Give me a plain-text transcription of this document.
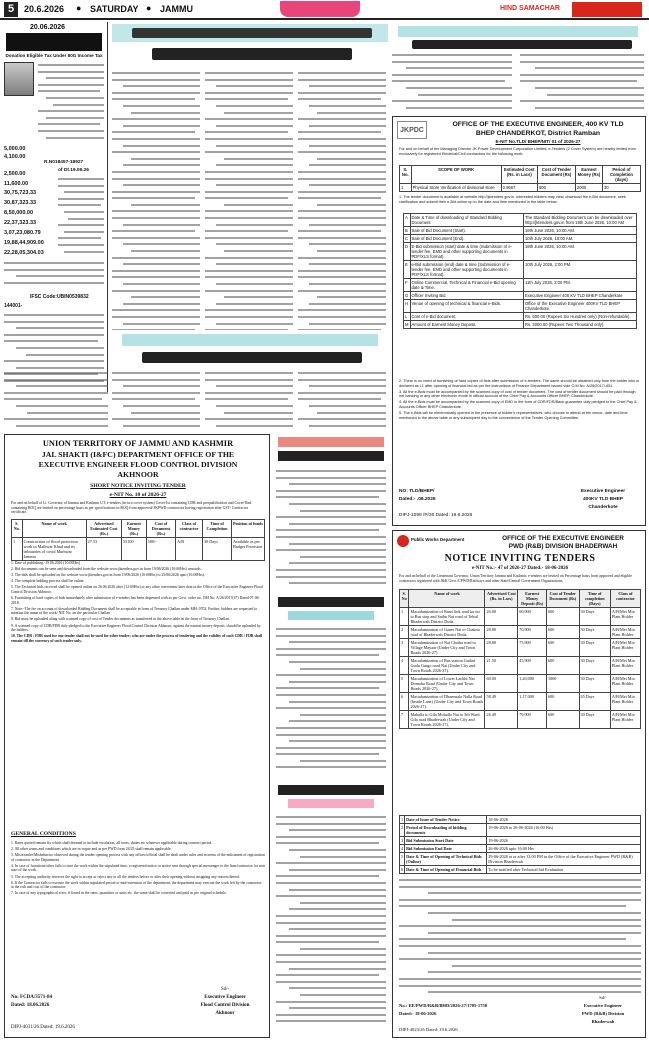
5	20.6.2026 ● SATURDAY ● JAMMU	HIND SAMACHAR
20.06.2026
Donation Eligible Tax Under 80G Income Tax
5,000.00
4,100.00
R.N018457-18927
of Dt.19.06.26
2,500.00
11,600.00
30,75,723.33
30,87,323.33
8,50,000.00
22,37,323.33
3,07,23,080.79
19,88,44,909.00
22,28,05,304.03
IFSC Code:UBIN0539832
144001-
UNION TERRITORY OF JAMMU AND KASHMIR
JAL SHAKTI (I&FC) DEPARTMENT OFFICE OF THE
EXECUTIVE ENGINEER FLOOD CONTROL DIVISION
AKHNOOR
SHORT NOTICE INVITING TENDER
e-NIT No. 10 of 2026-27
For and on behalf of Lt. Governor of Jammu and Kashmir UT, e-tenders (in two cover system) Cover-Ist containing CDR and prequalification and Cover-IInd containing BOQ are invited on percentage basis as per specifications in BOQ from approved/ JKPWD contractors having registration after GST/ Contractor certificate.
S. No.	Name of work	Advertised Estimated Cost (Rs.)	Earnest Money (Rs.)	Cost of Document (Rs.)	Class of contractor	Time of Completion	Position of funds
1	Construction of flood protection work in Mathwar Khad and its tributaries of covid Marhwar Jammu	27.53	55100	500/-	A/B	30 Days	Available as per Budget Provision
1. Date of publishing.-19.06.2026 (10:00Hrs)
2. Bid documents can be seen and downloaded from the website www.jktenders.gov.in from 19/06/2026 (10:00Hrs) onwards.
3. The bids shall be uploaded on the website www.jktenders.gov.in from 19/06/2026 (10:00Hrs) to 25/06/2026 upto (16:00Hrs).
4. The complete bidding process shall be online.
5. The Technical bids received shall be opened online on 26.06.2026 after (12:00Hrs) or any other convenient later date in the Office of the Executive Engineer Flood Control Division Akhnoor.
6. Furnishing of hard copies of bids immediately after submission of e-tenders has been dispensed with as per Govt. order no. OM No. A/26/2017(47) Dated 07-06-2018.
7. Note:-The fee on account of downloaded Bidding Document shall be acceptable in form of Treasury Challan under MH: 0702, Further, bidders are requested to mention the name of the work/ NIT No. on the particular Challan.
8. Bid must be uploaded along with scanned copy of cost of Tender documents as transferred in the above table in the form of Treasury Challan.
9. A scanned copy of CDR/FDR duly pledged to the Executive Engineer Flood Control Division Akhnoor, against the earnest money deposit, should be uploaded by the bidders.
10. The CDR / FDR used for one tender shall not be used for other tender; who are under the process of tendering and the validity of such CDR / FDR shall remain till the currency of such tender only.
GENERAL CONDITIONS
1. Rates quoted remain fix which shall deemed to include escalation, all taxes, duties etc whatever applicable during contract period.
2. All other terms and conditions which are in vogue and as per PWD form 24/25 shall remain applicable.
3. Miscreanler/Misbehavior observed during the tender opening process with any officer/official shall be dealt under rules and in terms of the enlistment of registration of contractor in the Department.
4. In case of fortuitous/other fails to start the work within the stipulated time, a registered notice or notice sent through special messenger to the firm/contractor for non start of the work.
5. The accepting authority reserves the right to accept or reject any or all the tenders before or after their opening without assigning any reason thereof.
6. If the Contractor fails to execute the work within stipulated period or mid-extension of the department, the department may execute the work left by the contractor at the risk and cost of the contractor.
7. In case of any typographical error, if found in the rates, quantities or units etc. the same shall be corrected and paid as per original schedule.
No: FCDA/3571-84
Dated: 18.06.2026
Sd/-
Executive Engineer
Flood Control Division
Akhnoor
DIPJ-4031/26 Dated: 19.6.2026
JKPDC
OFFICE OF THE EXECUTIVE ENGINEER, 400 KV TLD
BHEP CHANDERKOT, District Ramban
E-NIT No.TLD/ BHEP/NIT/ 01 of 2026-27
For and on behalf of the Managing Director JK Power Development Corporation Limited, e-Tenders (2 Cover System) are hereby invited from exclusively for registered Electrical/Civil contractors for the following work:
S. No.	SCOPE OF WORK	Estimated Cost (Rs. in Lacs)	Cost of Tender Document (Rs)	Earnest Money (Rs)	Period of Completion (days)
1	Physical Store Verification of divisional store	0.9667	600	2000	30
1. The tender document is available at website http://jktenders.gov.in. Interested bidders may view, download the e-Bid document, seek clarification and submit their e-Bid online up to the date and time mentioned in the table below:
A	Date & Time of downloading of Standard Bidding Document	The Standard Bidding Document can be downloaded over http://jktenders.gov.in from 19th June 2026, 10:00 AM
B	Sale of Bid Document (Start).	19th June 2026, 10:00 AM.
C	Sale of Bid Document (End).	10th July 2026, 10:00 AM.
D	E-Bid submission (start) date & time (Submission of e-tender fee, EMD and other supporting documents in PDF/XLS format).	19th June 2026, 10:00 AM.
E	e-Bid submission (end) date & time (Submission of e-tender fee, EMD and other supporting documents in PDF/XLS format).	10th July 2026, 2:00 PM.
F	Online Commercial, Technical & Financial e-Bid opening date & Time.	11th July 2026, 2:00 PM.
G	Officer Inviting Bid.	Executive Engineer 400 KV TLD BHEP Chanderkote
H	Venue of opening of technical & financial e-Bids.	Office of the Executive Engineer 400KV TLD BHEP Chanderkote.
L	Cost of e-Bid document.	Rs. 600.00 (Rupees Six Hundred only) (Non-refundable).
M	Amount of Earnest Money Deposit.	Rs. 2000.00 (Rupees Two Thousand only).
2. There is no need of furnishing of hard copies of bids after submission of e-tenders. The same should be obtained only from the bidder who is declared as L1 after opening of financial bid as per the instructions of Finance Department issued vide O.M No. A/26/2017/-651.
3. All the e-Bids must be accompanied by the scanned copy of cost of tender document. The cost of tender document should be paid through net banking or any other electronic mode in official account of the Chief Pay & Accounts Officer BHEP, Chanderkote.
4. All the e-Bids must be accompanied by the scanned copy of EMD in the form of CDR/FDR/Bank guarantee duly pledged to the Chief Pay & Accounts Officer BHEP Chanderkote.
5. The e-Bids will be electronically opened in the presence of bidder's representatives, who choose to attend at the venue, date and time mentioned in the above table or any subsequent day to the convenience of the Tender Opening Committee.
NO: TLD/BHEP/
Dated:- .06.2026
Executive Engineer
400KV TLD BHEP
Chanderkote
DIPJ-1099 /P/26 Dated: 19.6.2026
Public Works Department	OFFICE OF THE EXECUTIVE ENGINEER
PWD (R&B) DIVISION BHADERWAH
NOTICE INVITING TENDERS
e-NIT No.:- 47 of 2026-27 Dated:- 18-06-2026
For and on behalf of the Lieutenant Governor, Union Territory Jammu and Kashmir, e-tenders are invited on Percentage basis from approved and eligible contractors registered with J&K Govt./CPWD/Railways and other State/Central Government Organizations.
S. No	Name of work	Advertised Cost (Rs. in Lacs)	Earnest Money Deposit (Rs)	Cost of Tender Document (Rs)	Time of completion (Days)	Class of contractor
1	Macadamization of Baari link road ku nu to Bus stop and Sathu Nai road of Tehsil Bhaderwah District Doda.	26.00	60,000	600	30 Days	A/B/Mei Mio Plant Holder
2	Macadamization of Ganer Nai to Chaknu road of Bhaderwah District Doda.	28.80	70,900	600	30 Days	A/B/Mei Mio Plant Holder
3	Macadamization of Nai Chatha road to Village Mayaar (Under City and Town Roads 2026-27).	28.80	75,900	600	30 Days	A/B/Mei Mio Plant Holder
4	Macadamization of Bus station Gudari Gudu Gurgo road Nai (Under City and Town Roads 2026-27).	21.50	45,900	600	30 Days	A/B/Mei Mio Plant Holder
5	Macadamization of Lower Lachhi Nai Domoka Road (Under City and Town Roads 2026-27).	60.00	1,20,000	1000	30 Days	A/B/Mei Mio Plant Holder
6	Macadamization of Dharmsala Nalla Road (Inside Lane) (Under City and Town Roads 2026-27).	58.49	1,17,000	600	45 Days	A/B/Mei Mio Plant Holder
7	Mahalla to Gila Mohalla Nai to 5th Ward Gila road Bhaderwah (Under City and Town Roads 2026-27).	26.49	79,900	600	30 Days	A/B/Mei Mio Plant Holder
1	Date of Issue of Tender Notice	18-06-2026
2	Period of Downloading of bidding documents	19-06-2026 to 26-06-2026 (16:00 Hrs)
3	Bid Submission Start Date	19-06-2026
4	Bid Submission End Date	26-06-2026 upto 16:00 Hrs
5	Date & Time of Opening of Technical Bids (Online)	29-06-2026 at or after 12:00 PM in the Office of the Executive Engineer PWD (R&B) Division Bhaderwah
6	Date & Time of Opening of Financial Bids	To be notified after Technical bid Evaluation
No.: EE/PWD/R&B/BHD/2026-27/1705-1750
Dated:- 18-06-2026
Sd/-
Executive Engineer
PWD (R&B) Division
Bhaderwah
DIPJ-4023/26 Dated: 19.6.2026
